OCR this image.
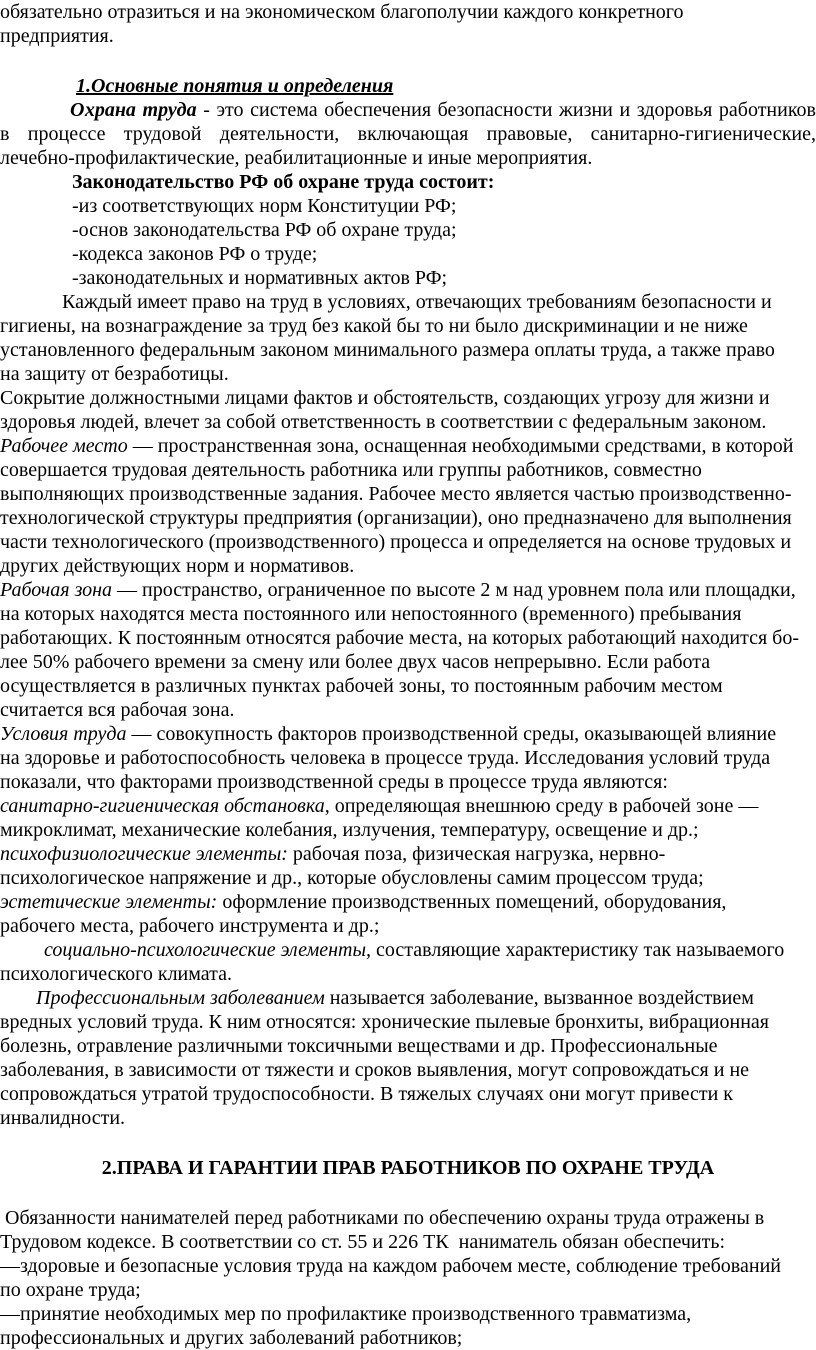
обязательно отразиться и на экономическом благополучии каждого конкретного
предприятия.
1.Основные понятия и определения
Охрана труда - это система обеспечения безопасности жизни и здоровья работников
в процессе трудовой деятельности, включающая правовые, санитарно-гигиенические,
лечебно-профилактические, реабилитационные и иные мероприятия.
Законодательство РФ об охране труда состоит:
-из соответствующих норм Конституции РФ;
-основ законодательства РФ об охране труда;
-кодекса законов РФ о труде;
-законодательных и нормативных актов РФ;
Каждый имеет право на труд в условиях, отвечающих требованиям безопасности и
гигиены, на вознаграждение за труд без какой бы то ни было дискриминации и не ниже
установленного федеральным законом минимального размера оплаты труда, а также право
на защиту от безработицы.
Сокрытие должностными лицами фактов и обстоятельств, создающих угрозу для жизни и
здоровья людей, влечет за собой ответственность в соответствии с федеральным законом.
Рабочее место — пространственная зона, оснащенная необходимыми средствами, в которой
совершается трудовая деятельность работника или группы работников, совместно
выполняющих производственные задания. Рабочее место является частью производственно-
технологической структуры предприятия (организации), оно предназначено для выполнения
части технологического (производственного) процесса и определяется на основе трудовых и
других действующих норм и нормативов.
Рабочая зона — пространство, ограниченное по высоте 2 м над уровнем пола или площадки,
на которых находятся места постоянного или непостоянного (временного) пребывания
работающих. К постоянным относятся рабочие места, на которых работающий находится бо-
лее 50% рабочего времени за смену или более двух часов непрерывно. Если работа
осуществляется в различных пунктах рабочей зоны, то постоянным рабочим местом
считается вся рабочая зона.
Условия труда — совокупность факторов производственной среды, оказывающей влияние
на здоровье и работоспособность человека в процессе труда. Исследования условий труда
показали, что факторами производственной среды в процессе труда являются:
санитарно-гигиеническая обстановка, определяющая внешнюю среду в рабочей зоне —
микроклимат, механические колебания, излучения, температуру, освещение и др.;
психофизиологические элементы: рабочая поза, физическая нагрузка, нервно-
психологическое напряжение и др., которые обусловлены самим процессом труда;
эстетические элементы: оформление производственных помещений, оборудования,
рабочего места, рабочего инструмента и др.;
социально-психологические элементы, составляющие характеристику так называемого
психологического климата.
Профессиональным заболеванием называется заболевание, вызванное воздействием
вредных условий труда. К ним относятся: хронические пылевые бронхиты, вибрационная
болезнь, отравление различными токсичными веществами и др. Профессиональные
заболевания, в зависимости от тяжести и сроков выявления, могут сопровождаться и не
сопровождаться утратой трудоспособности. В тяжелых случаях они могут привести к
инвалидности.
2.ПРАВА И ГАРАНТИИ ПРАВ РАБОТНИКОВ ПО ОХРАНЕ ТРУДА
Обязанности нанимателей перед работниками по обеспечению охраны труда отражены в
Трудовом кодексе. В соответствии со ст. 55 и 226 ТК  наниматель обязан обеспечить:
—здоровые и безопасные условия труда на каждом рабочем месте, соблюдение требований
по охране труда;
—принятие необходимых мер по профилактике производственного травматизма,
профессиональных и других заболеваний работников;
